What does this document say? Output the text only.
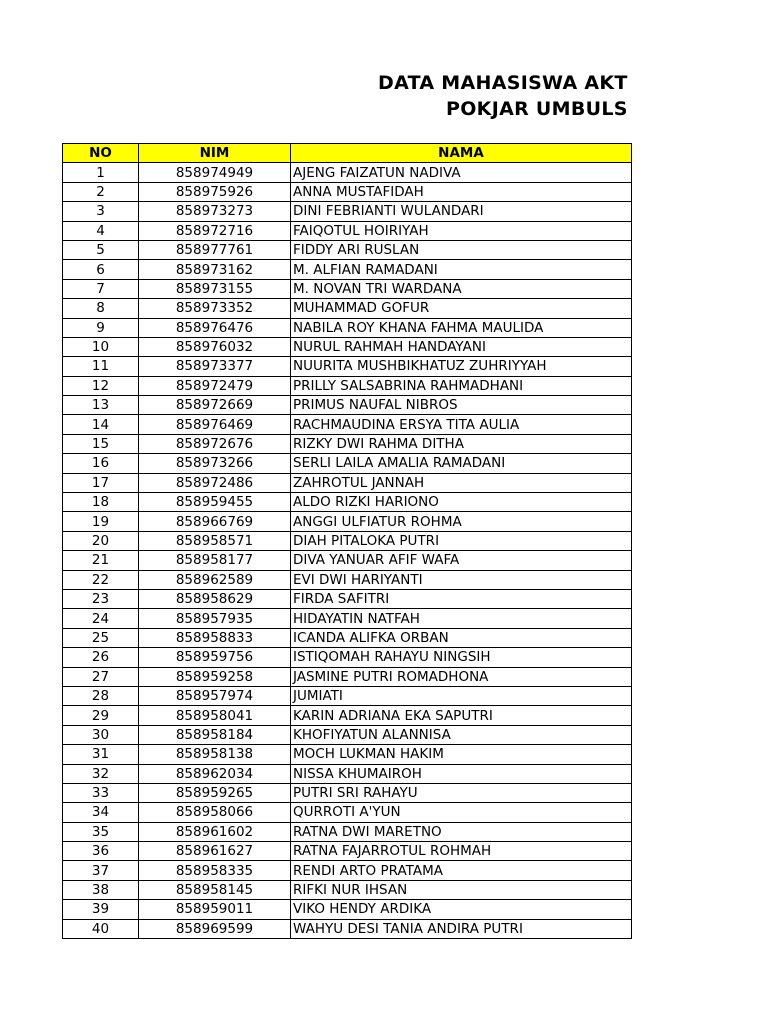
DATA MAHASISWA AKT
POKJAR UMBULS
NO	NIM	NAMA
1	858974949	AJENG FAIZATUN NADIVA
2	858975926	ANNA MUSTAFIDAH
3	858973273	DINI FEBRIANTI WULANDARI
4	858972716	FAIQOTUL HOIRIYAH
5	858977761	FIDDY ARI RUSLAN
6	858973162	M. ALFIAN RAMADANI
7	858973155	M. NOVAN TRI WARDANA
8	858973352	MUHAMMAD GOFUR
9	858976476	NABILA ROY KHANA FAHMA MAULIDA
10	858976032	NURUL RAHMAH HANDAYANI
11	858973377	NUURITA MUSHBIKHATUZ ZUHRIYYAH
12	858972479	PRILLY SALSABRINA RAHMADHANI
13	858972669	PRIMUS NAUFAL NIBROS
14	858976469	RACHMAUDINA ERSYA TITA AULIA
15	858972676	RIZKY DWI RAHMA DITHA
16	858973266	SERLI LAILA AMALIA RAMADANI
17	858972486	ZAHROTUL JANNAH
18	858959455	ALDO RIZKI HARIONO
19	858966769	ANGGI ULFIATUR ROHMA
20	858958571	DIAH PITALOKA PUTRI
21	858958177	DIVA YANUAR AFIF WAFA
22	858962589	EVI DWI HARIYANTI
23	858958629	FIRDA SAFITRI
24	858957935	HIDAYATIN NATFAH
25	858958833	ICANDA ALIFKA ORBAN
26	858959756	ISTIQOMAH RAHAYU NINGSIH
27	858959258	JASMINE PUTRI ROMADHONA
28	858957974	JUMIATI
29	858958041	KARIN ADRIANA EKA SAPUTRI
30	858958184	KHOFIYATUN ALANNISA
31	858958138	MOCH LUKMAN HAKIM
32	858962034	NISSA KHUMAIROH
33	858959265	PUTRI SRI RAHAYU
34	858958066	QURROTI A'YUN
35	858961602	RATNA DWI MARETNO
36	858961627	RATNA FAJARROTUL ROHMAH
37	858958335	RENDI ARTO PRATAMA
38	858958145	RIFKI NUR IHSAN
39	858959011	VIKO HENDY ARDIKA
40	858969599	WAHYU DESI TANIA ANDIRA PUTRI
